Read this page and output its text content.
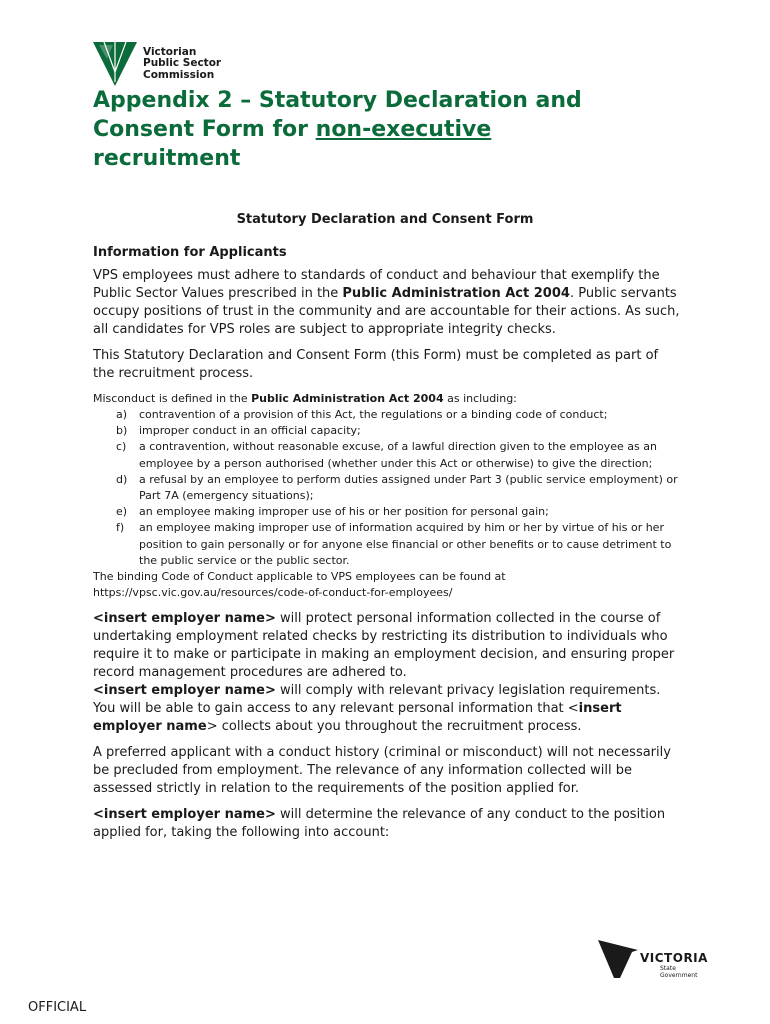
Victorian
Public Sector
Commission
Appendix 2 – Statutory Declaration and
Consent Form for non-executive
recruitment
Statutory Declaration and Consent Form
Information for Applicants

VPS employees must adhere to standards of conduct and behaviour that exemplify the Public Sector Values prescribed in the Public Administration Act 2004. Public servants occupy positions of trust in the community and are accountable for their actions. As such, all candidates for VPS roles are subject to appropriate integrity checks.

This Statutory Declaration and Consent Form (this Form) must be completed as part of the recruitment process.

Misconduct is defined in the Public Administration Act 2004 as including:

a) contravention of a provision of this Act, the regulations or a binding code of conduct;
b) improper conduct in an official capacity;
c) a contravention, without reasonable excuse, of a lawful direction given to the employee as an employee by a person authorised (whether under this Act or otherwise) to give the direction;
d) a refusal by an employee to perform duties assigned under Part 3 (public service employment) or Part 7A (emergency situations);
e) an employee making improper use of his or her position for personal gain;
f) an employee making improper use of information acquired by him or her by virtue of his or her position to gain personally or for anyone else financial or other benefits or to cause detriment to the public service or the public sector.

The binding Code of Conduct applicable to VPS employees can be found at

https://vpsc.vic.gov.au/resources/code-of-conduct-for-employees/

<insert employer name> will protect personal information collected in the course of undertaking employment related checks by restricting its distribution to individuals who require it to make or participate in making an employment decision, and ensuring proper record management procedures are adhered to.
<insert employer name> will comply with relevant privacy legislation requirements. You will be able to gain access to any relevant personal information that <insert employer name> collects about you throughout the recruitment process.

A preferred applicant with a conduct history (criminal or misconduct) will not necessarily be precluded from employment. The relevance of any information collected will be assessed strictly in relation to the requirements of the position applied for.

<insert employer name> will determine the relevance of any conduct to the position applied for, taking the following into account:

OFFICIAL
VICTORIA
State
Government
